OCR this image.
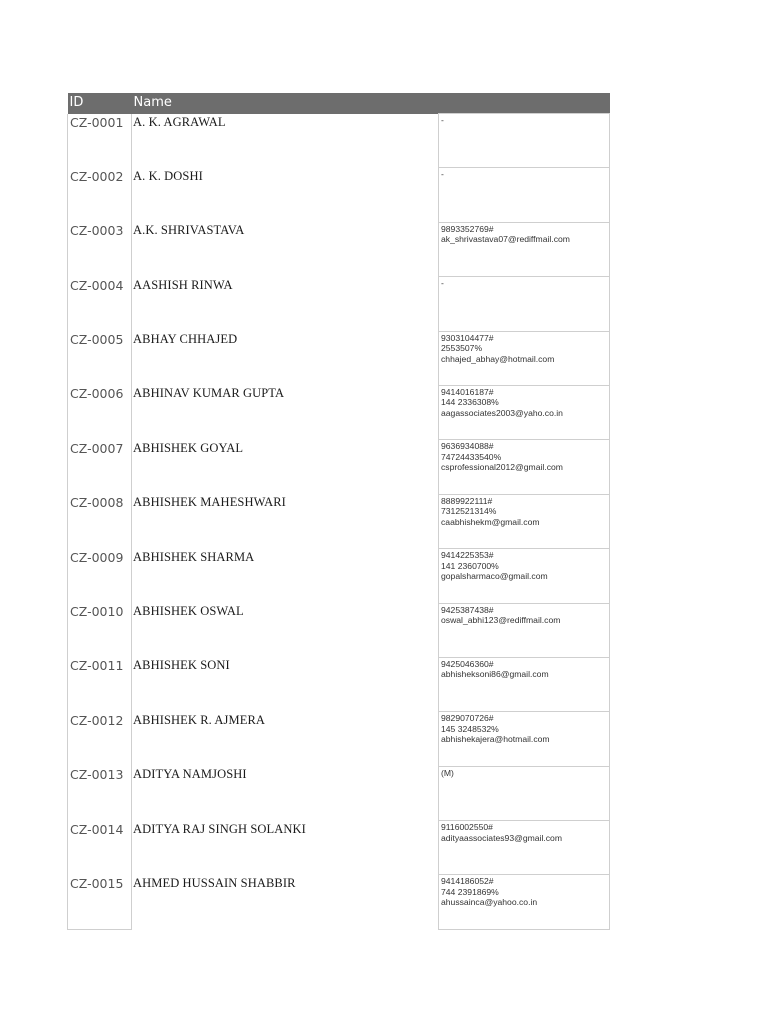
ID	Name	
CZ-0001	A. K. AGRAWAL	-
CZ-0002	A. K. DOSHI	-
CZ-0003	A.K. SHRIVASTAVA	9893352769#
ak_shrivastava07@rediffmail.com
CZ-0004	AASHISH RINWA	-
CZ-0005	ABHAY CHHAJED	9303104477#
2553507%
chhajed_abhay@hotmail.com
CZ-0006	ABHINAV KUMAR GUPTA	9414016187#
144 2336308%
aagassociates2003@yaho.co.in
CZ-0007	ABHISHEK GOYAL	9636934088#
74724433540%
csprofessional2012@gmail.com
CZ-0008	ABHISHEK MAHESHWARI	8889922111#
7312521314%
caabhishekm@gmail.com
CZ-0009	ABHISHEK SHARMA	9414225353#
141 2360700%
gopalsharmaco@gmail.com
CZ-0010	ABHISHEK OSWAL	9425387438#
oswal_abhi123@rediffmail.com
CZ-0011	ABHISHEK SONI	9425046360#
abhisheksoni86@gmail.com
CZ-0012	ABHISHEK R. AJMERA	9829070726#
145 3248532%
abhishekajera@hotmail.com
CZ-0013	ADITYA NAMJOSHI	(M)
CZ-0014	ADITYA RAJ SINGH SOLANKI	9116002550#
adityaassociates93@gmail.com
CZ-0015	AHMED HUSSAIN SHABBIR	9414186052#
744 2391869%
ahussainca@yahoo.co.in
